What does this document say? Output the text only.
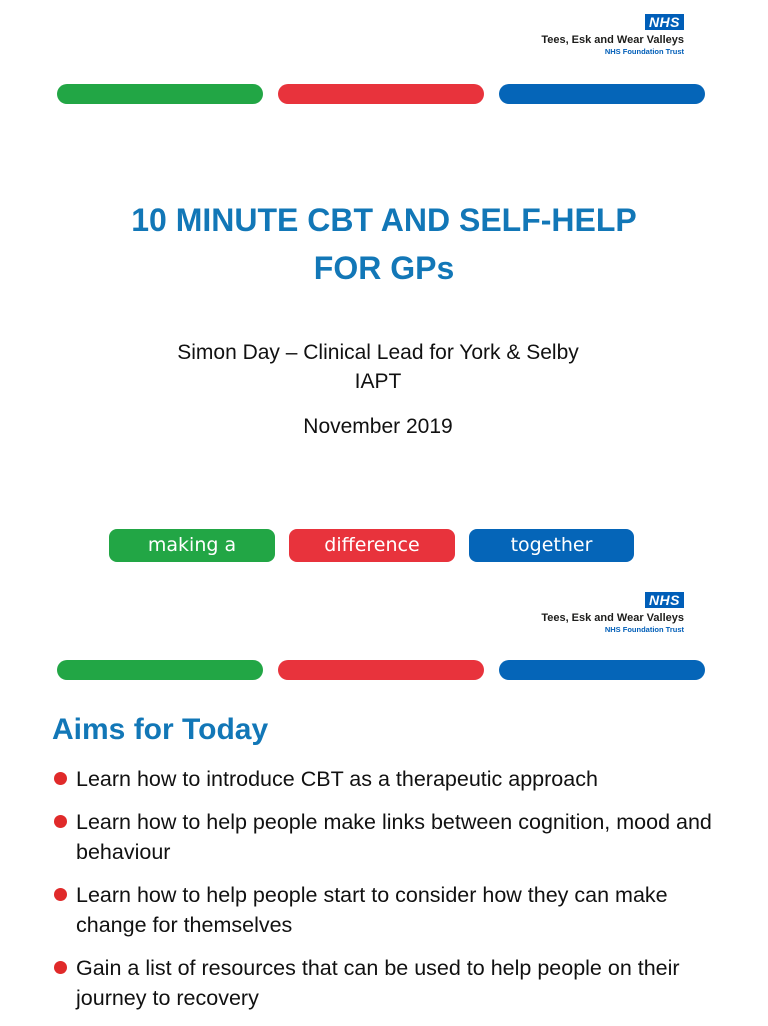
NHS
Tees, Esk and Wear Valleys
NHS Foundation Trust
10 MINUTE CBT AND SELF-HELP
FOR GPs
Simon Day – Clinical Lead for York & Selby
IAPT
November 2019
making a	difference	together
NHS
Tees, Esk and Wear Valleys
NHS Foundation Trust
Aims for Today
Learn how to introduce CBT as a therapeutic approach
Learn how to help people make links between cognition, mood and behaviour
Learn how to help people start to consider how they can make change for themselves
Gain a list of resources that can be used to help people on their journey to recovery
